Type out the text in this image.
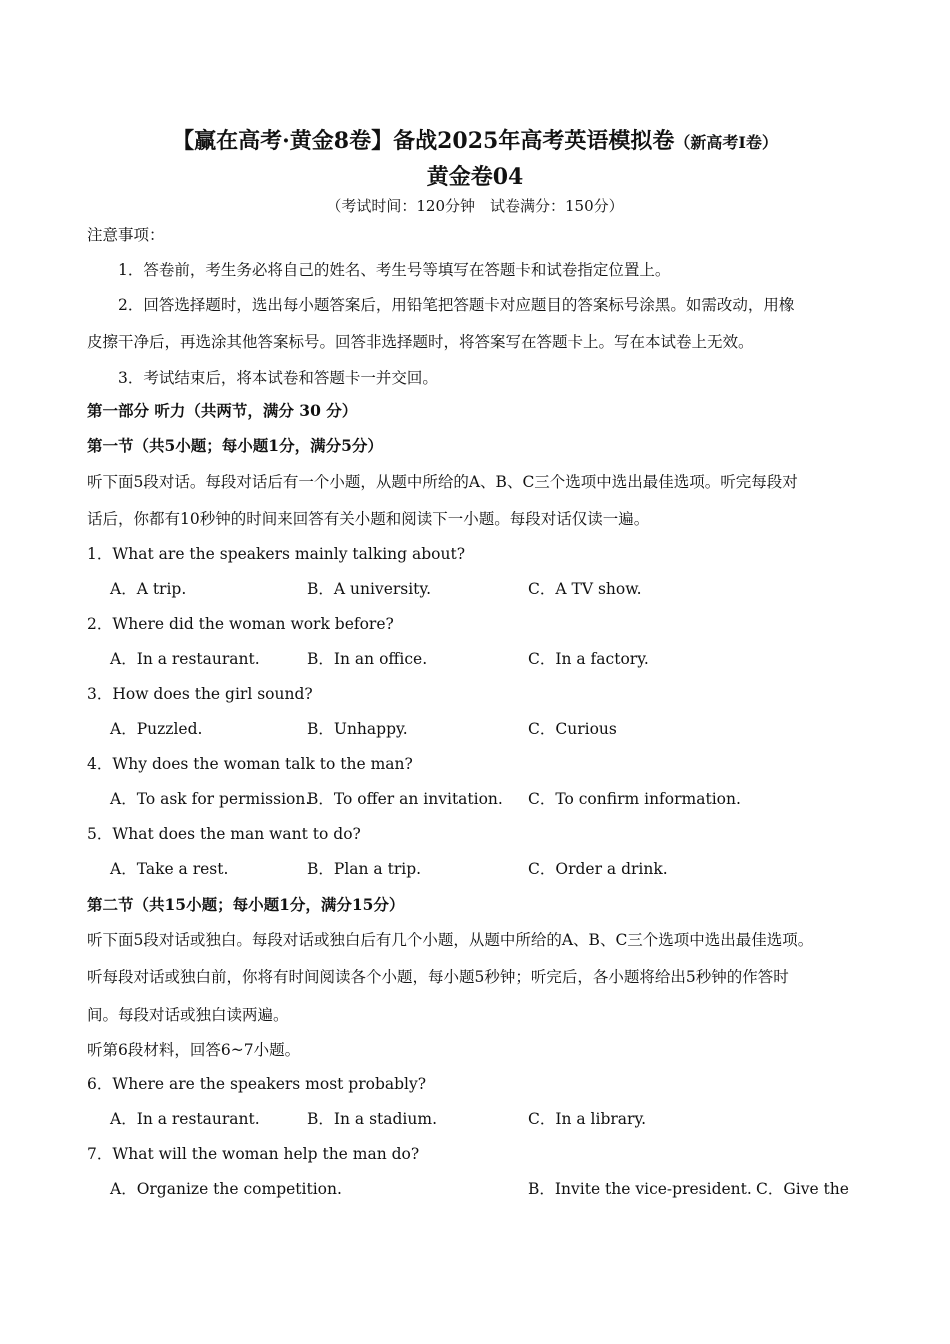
【赢在高考·黄金8卷】备战2025年高考英语模拟卷（新高考I卷）
黄金卷04
（考试时间：120分钟　试卷满分：150分）
注意事项：
1．答卷前，考生务必将自己的姓名、考生号等填写在答题卡和试卷指定位置上。
2．回答选择题时，选出每小题答案后，用铅笔把答题卡对应题目的答案标号涂黑。如需改动，用橡
皮擦干净后，再选涂其他答案标号。回答非选择题时，将答案写在答题卡上。写在本试卷上无效。
3．考试结束后，将本试卷和答题卡一并交回。
第一部分 听力（共两节，满分 30 分）
第一节（共5小题；每小题1分，满分5分）
听下面5段对话。每段对话后有一个小题，从题中所给的A、B、C三个选项中选出最佳选项。听完每段对
话后，你都有10秒钟的时间来回答有关小题和阅读下一小题。每段对话仅读一遍。
1．What are the speakers mainly talking about?
A．A trip.	B．A university.	C．A TV show.
2．Where did the woman work before?
A．In a restaurant.	B．In an office.	C．In a factory.
3．How does the girl sound?
A．Puzzled.	B．Unhappy.	C．Curious
4．Why does the woman talk to the man?
A．To ask for permission.
B．To offer an invitation. C．To confirm information.
5．What does the man want to do?
A．Take a rest.	B．Plan a trip.	C．Order a drink.
第二节（共15小题；每小题1分，满分15分）
听下面5段对话或独白。每段对话或独白后有几个小题，从题中所给的A、B、C三个选项中选出最佳选项。
听每段对话或独白前，你将有时间阅读各个小题，每小题5秒钟；听完后，各小题将给出5秒钟的作答时
间。每段对话或独白读两遍。
听第6段材料，回答6~7小题。
6．Where are the speakers most probably?
A．In a restaurant.	B．In a stadium.	C．In a library.
7．What will the woman help the man do?
A．Organize the competition.	B．Invite the vice-president. C．Give the
